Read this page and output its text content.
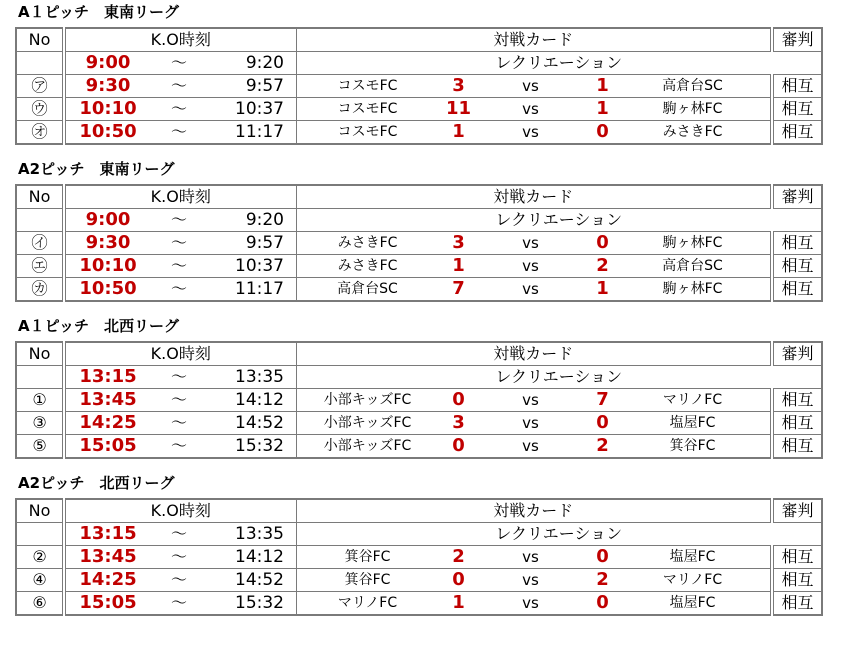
A１ピッチ　東南リーグ
No	K.O時刻	対戦カード	審判

	9:00 ～ 9:20	レクリエーション	
㋐	9:30 ～ 9:57	コスモFC 3 vs 1 高倉台SC	相互
㋒	10:10 ～ 10:37	コスモFC 11 vs 1 駒ヶ林FC	相互
㋔	10:50 ～ 11:17	コスモFC 1 vs 0 みさきFC	相互
A2ピッチ　東南リーグ
No	K.O時刻	対戦カード	審判

	9:00 ～ 9:20	レクリエーション	
㋑	9:30 ～ 9:57	みさきFC 3 vs 0 駒ヶ林FC	相互
㋓	10:10 ～ 10:37	みさきFC 1 vs 2 高倉台SC	相互
㋕	10:50 ～ 11:17	高倉台SC 7 vs 1 駒ヶ林FC	相互
A１ピッチ　北西リーグ
No	K.O時刻	対戦カード	審判

	13:15 ～ 13:35	レクリエーション	
①	13:45 ～ 14:12	小部キッズFC 0 vs 7 マリノFC	相互
③	14:25 ～ 14:52	小部キッズFC 3 vs 0 塩屋FC	相互
⑤	15:05 ～ 15:32	小部キッズFC 0 vs 2 箕谷FC	相互
A2ピッチ　北西リーグ
No	K.O時刻	対戦カード	審判

	13:15 ～ 13:35	レクリエーション	
②	13:45 ～ 14:12	箕谷FC 2 vs 0 塩屋FC	相互
④	14:25 ～ 14:52	箕谷FC 0 vs 2 マリノFC	相互
⑥	15:05 ～ 15:32	マリノFC 1 vs 0 塩屋FC	相互
